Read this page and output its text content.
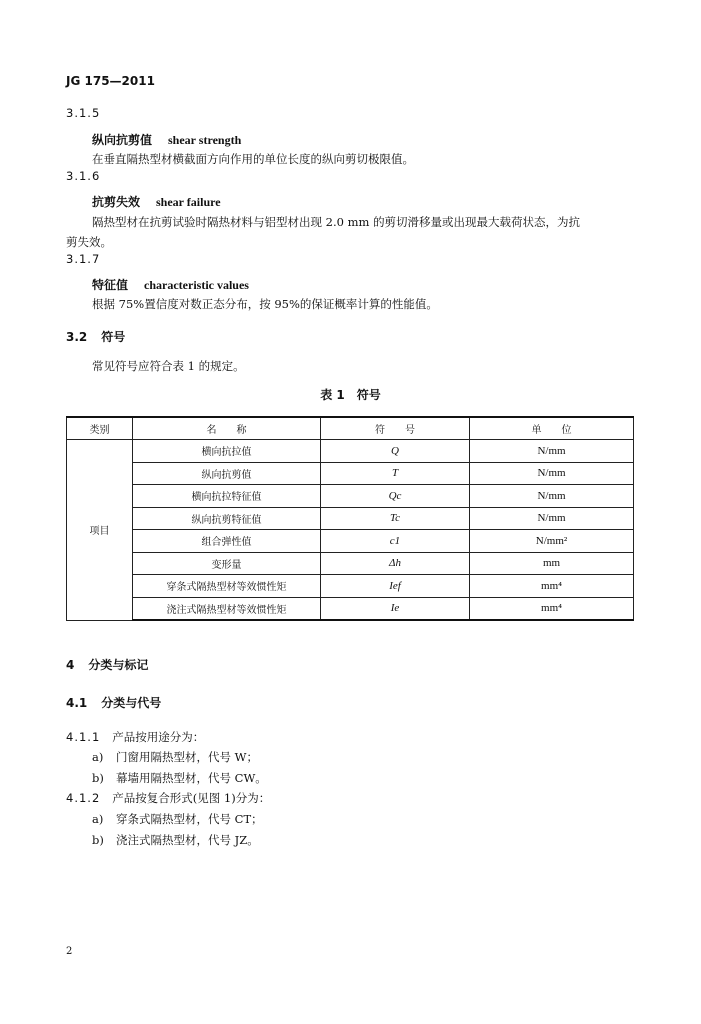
JG 175—2011
3.1.5
纵向抗剪值 shear strength
在垂直隔热型材横截面方向作用的单位长度的纵向剪切极限值。
3.1.6
抗剪失效 shear failure
隔热型材在抗剪试验时隔热材料与铝型材出现 2.0 mm 的剪切滑移量或出现最大载荷状态，为抗
剪失效。
3.1.7
特征值 characteristic values
根据 75%置信度对数正态分布，按 95%的保证概率计算的性能值。
3.2 符号
常见符号应符合表 1 的规定。
表 1　符号
类别	名　　称	符　　号	单　　位
项目	横向抗拉值	Q	N/mm
	纵向抗剪值	T	N/mm
	横向抗拉特征值	Qc	N/mm
	纵向抗剪特征值	Tc	N/mm
	组合弹性值	c1	N/mm²
	变形量	Δh	mm
	穿条式隔热型材等效惯性矩	Ief	mm⁴
	浇注式隔热型材等效惯性矩	Ie	mm⁴
4 分类与标记
4.1 分类与代号
4.1.1 产品按用途分为：
a) 门窗用隔热型材，代号 W；
b) 幕墙用隔热型材，代号 CW。
4.1.2 产品按复合形式(见图 1)分为：
a) 穿条式隔热型材，代号 CT；
b) 浇注式隔热型材，代号 JZ。
2
